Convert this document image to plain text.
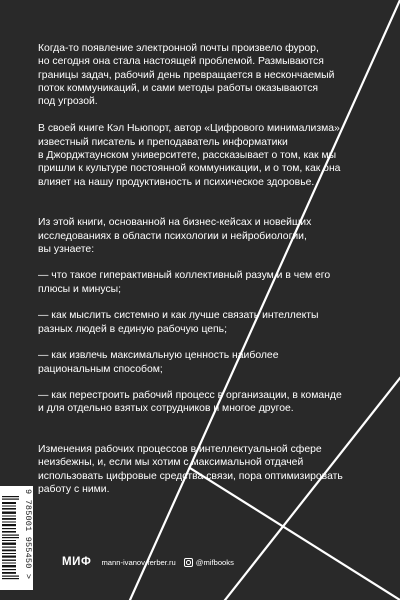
Когда-то появление электронной почты произвело фурор,
но сегодня она стала настоящей проблемой. Размываются
границы задач, рабочий день превращается в нескончаемый
поток коммуникаций, и сами методы работы оказываются
под угрозой.

В своей книге Кэл Ньюпорт, автор «Цифрового минимализма»,
известный писатель и преподаватель информатики
в Джорджтаунском университете, рассказывает о том, как мы
пришли к культуре постоянной коммуникации, и о том, как она
влияет на нашу продуктивность и психическое здоровье.

Из этой книги, основанной на бизнес-кейсах и новейших
исследованиях в области психологии и нейробиологии,
вы узнаете:

— что такое гиперактивный коллективный разум и в чем его
плюсы и минусы;

— как мыслить системно и как лучше связать интеллекты
разных людей в единую рабочую цепь;

— как извлечь максимальную ценность наиболее
рациональным способом;

— как перестроить рабочий процесс в организации, в команде
и для отдельно взятых сотрудников и многое другое.

Изменения рабочих процессов в интеллектуальной сфере
неизбежны, и, если мы хотим с максимальной отдачей
использовать цифровые средства связи, пора оптимизировать
работу с ними.

9 785001 955450 >	МИФ mann-ivanov-ferber.ru	@mifbooks
